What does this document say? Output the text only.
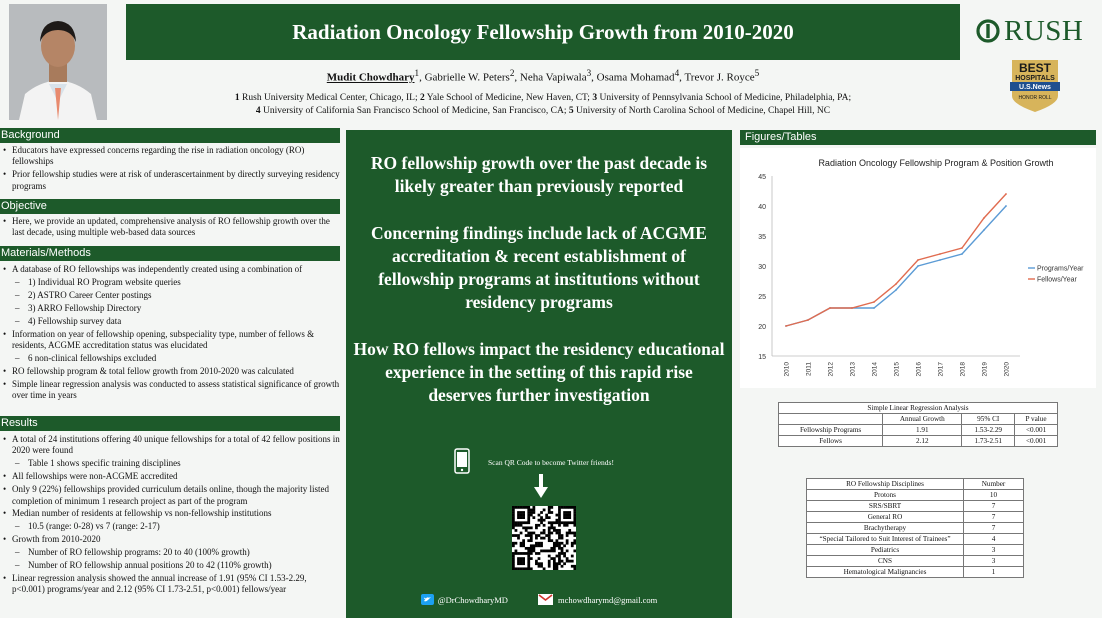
Radiation Oncology Fellowship Growth from 2010-2020
Mudit Chowdhary$^1$, Gabrielle W. Peters$^2$, Neha Vapiwala$^3$, Osama Mohamad$^4$, Trevor J. Royce$^5$
1 Rush University Medical Center, Chicago, IL; 2 Yale School of Medicine, New Haven, CT; 3 University of Pennsylvania School of Medicine, Philadelphia, PA;
4 University of California San Francisco School of Medicine, San Francisco, CA; 5 University of North Carolina School of Medicine, Chapel Hill, NC
RUSH
BEST
HOSPITALS
U.S.News
HONOR ROLL
Background
• Educators have expressed concerns regarding the rise in radiation oncology (RO) fellowships
• Prior fellowship studies were at risk of underascertainment by directly surveying residency programs
Objective
• Here, we provide an updated, comprehensive analysis of RO fellowship growth over the last decade, using multiple web-based data sources
Materials/Methods
• A database of RO fellowships was independently created using a combination of
– 1) Individual RO Program website queries
– 2) ASTRO Career Center postings
– 3) ARRO Fellowship Directory
– 4) Fellowship survey data
• Information on year of fellowship opening, subspeciality type, number of fellows & residents, ACGME accreditation status was elucidated
– 6 non-clinical fellowships excluded
• RO fellowship program & total fellow growth from 2010-2020 was calculated
• Simple linear regression analysis was conducted to assess statistical significance of growth over time in years
Results
• A total of 24 institutions offering 40 unique fellowships for a total of 42 fellow positions in 2020 were found
– Table 1 shows specific training disciplines
• All fellowships were non-ACGME accredited
• Only 9 (22%) fellowships provided curriculum details online, though the majority listed completion of minimum 1 research project as part of the program
• Median number of residents at fellowship vs non-fellowship institutions
– 10.5 (range: 0-28) vs 7 (range: 2-17)
• Growth from 2010-2020
– Number of RO fellowship programs: 20 to 40 (100% growth)
– Number of RO fellowship annual positions 20 to 42 (110% growth)
• Linear regression analysis showed the annual increase of 1.91 (95% CI 1.53-2.29, p<0.001) programs/year and 2.12 (95% CI 1.73-2.51, p<0.001) fellows/year
RO fellowship growth over the past decade is likely greater than previously reported
Concerning findings include lack of ACGME accreditation & recent establishment of fellowship programs at institutions without residency programs
How RO fellows impact the residency educational experience in the setting of this rapid rise deserves further investigation
Scan QR Code to become Twitter friends!
@DrChowdharyMD
	mchowdharymd@gmail.com
Figures/Tables
Radiation Oncology Fellowship Program & Position Growth
15
20
25
30
35
40
45
2010 2011 2012 2013 2014 2015 2016 2017 2018 2019 2020
Programs/Year
Fellows/Year
Simple Linear Regression Analysis			
	Annual Growth	95% CI	P value
Fellowship Programs	1.91	1.53-2.29	<0.001
Fellows	2.12	1.73-2.51	<0.001
RO Fellowship Disciplines	Number
Protons	10
SRS/SBRT	7
General RO	7
Brachytherapy	7
“Special Tailored to Suit Interest of Trainees”	4
Pediatrics	3
CNS	3
Hematological Malignancies	1
